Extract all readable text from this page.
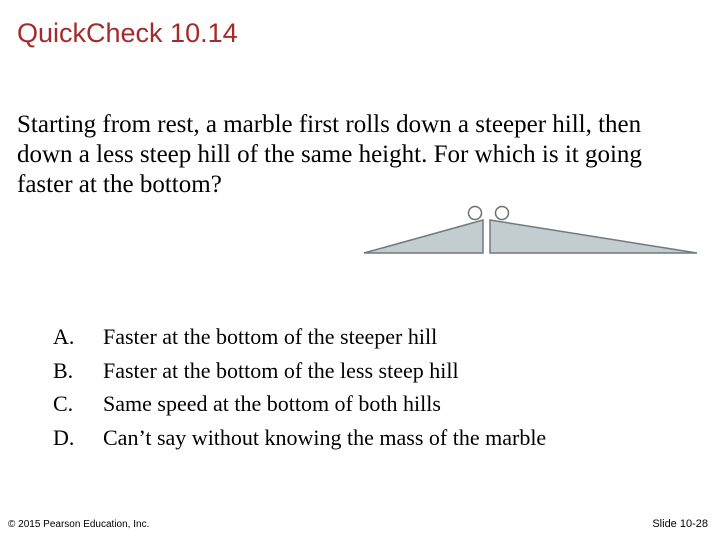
QuickCheck 10.14
Starting from rest, a marble first rolls down a steeper hill, then down a less steep hill of the same height. For which is it going faster at the bottom?
A.	Faster at the bottom of the steeper hill
B.	Faster at the bottom of the less steep hill
C.	Same speed at the bottom of both hills
D.	Can’t say without knowing the mass of the marble
© 2015 Pearson Education, Inc.	Slide 10-28
